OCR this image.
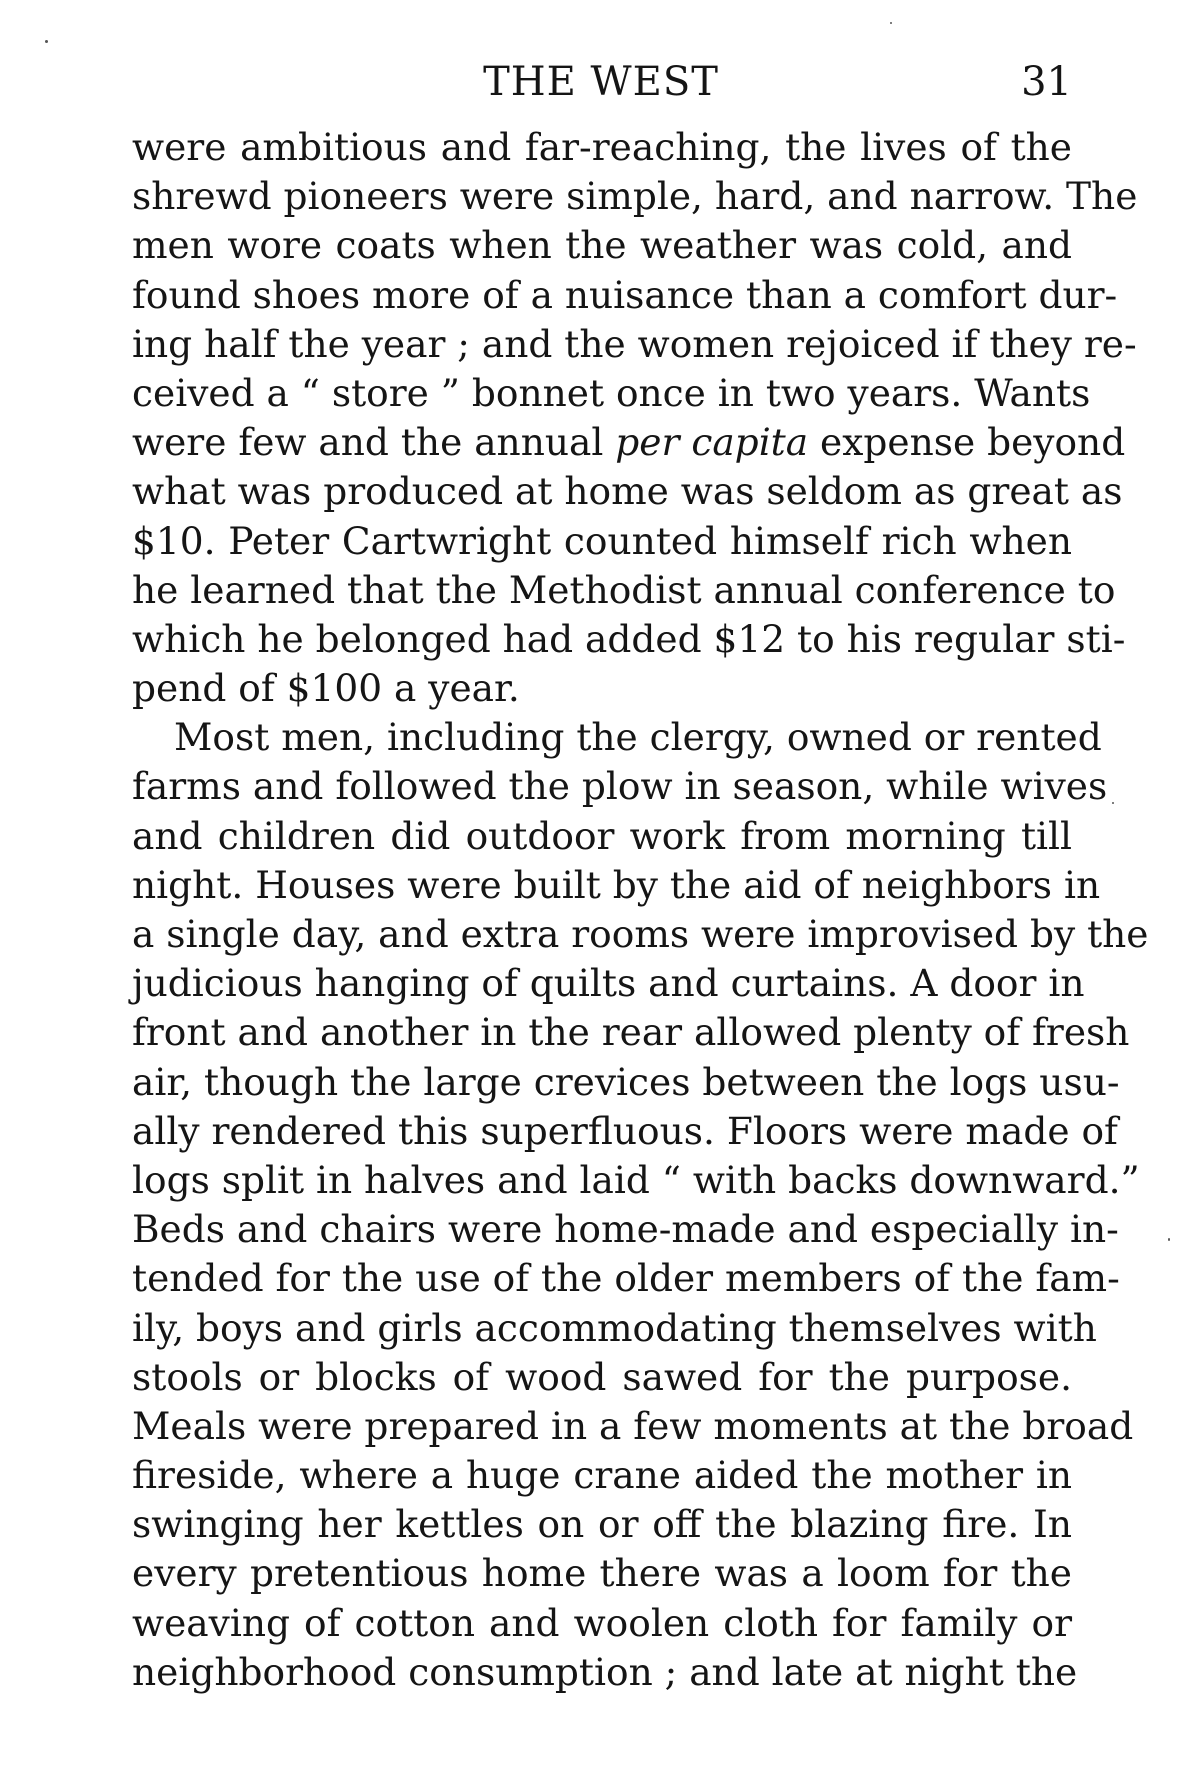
THE WEST	31
were ambitious and far-reaching, the lives of the
shrewd pioneers were simple, hard, and narrow. The
men wore coats when the weather was cold, and
found shoes more of a nuisance than a comfort dur-
ing half the year ; and the women rejoiced if they re-
ceived a “ store ” bonnet once in two years. Wants
were few and the annual per capita expense beyond
what was produced at home was seldom as great as
$10. Peter Cartwright counted himself rich when
he learned that the Methodist annual conference to
which he belonged had added $12 to his regular sti-
pend of $100 a year.
Most men, including the clergy, owned or rented
farms and followed the plow in season, while wives
and children did outdoor work from morning till
night. Houses were built by the aid of neighbors in
a single day, and extra rooms were improvised by the
judicious hanging of quilts and curtains. A door in
front and another in the rear allowed plenty of fresh
air, though the large crevices between the logs usu-
ally rendered this superfluous. Floors were made of
logs split in halves and laid “ with backs downward.”
Beds and chairs were home-made and especially in-
tended for the use of the older members of the fam-
ily, boys and girls accommodating themselves with
stools or blocks of wood sawed for the purpose.
Meals were prepared in a few moments at the broad
fireside, where a huge crane aided the mother in
swinging her kettles on or off the blazing fire. In
every pretentious home there was a loom for the
weaving of cotton and woolen cloth for family or
neighborhood consumption ; and late at night the
